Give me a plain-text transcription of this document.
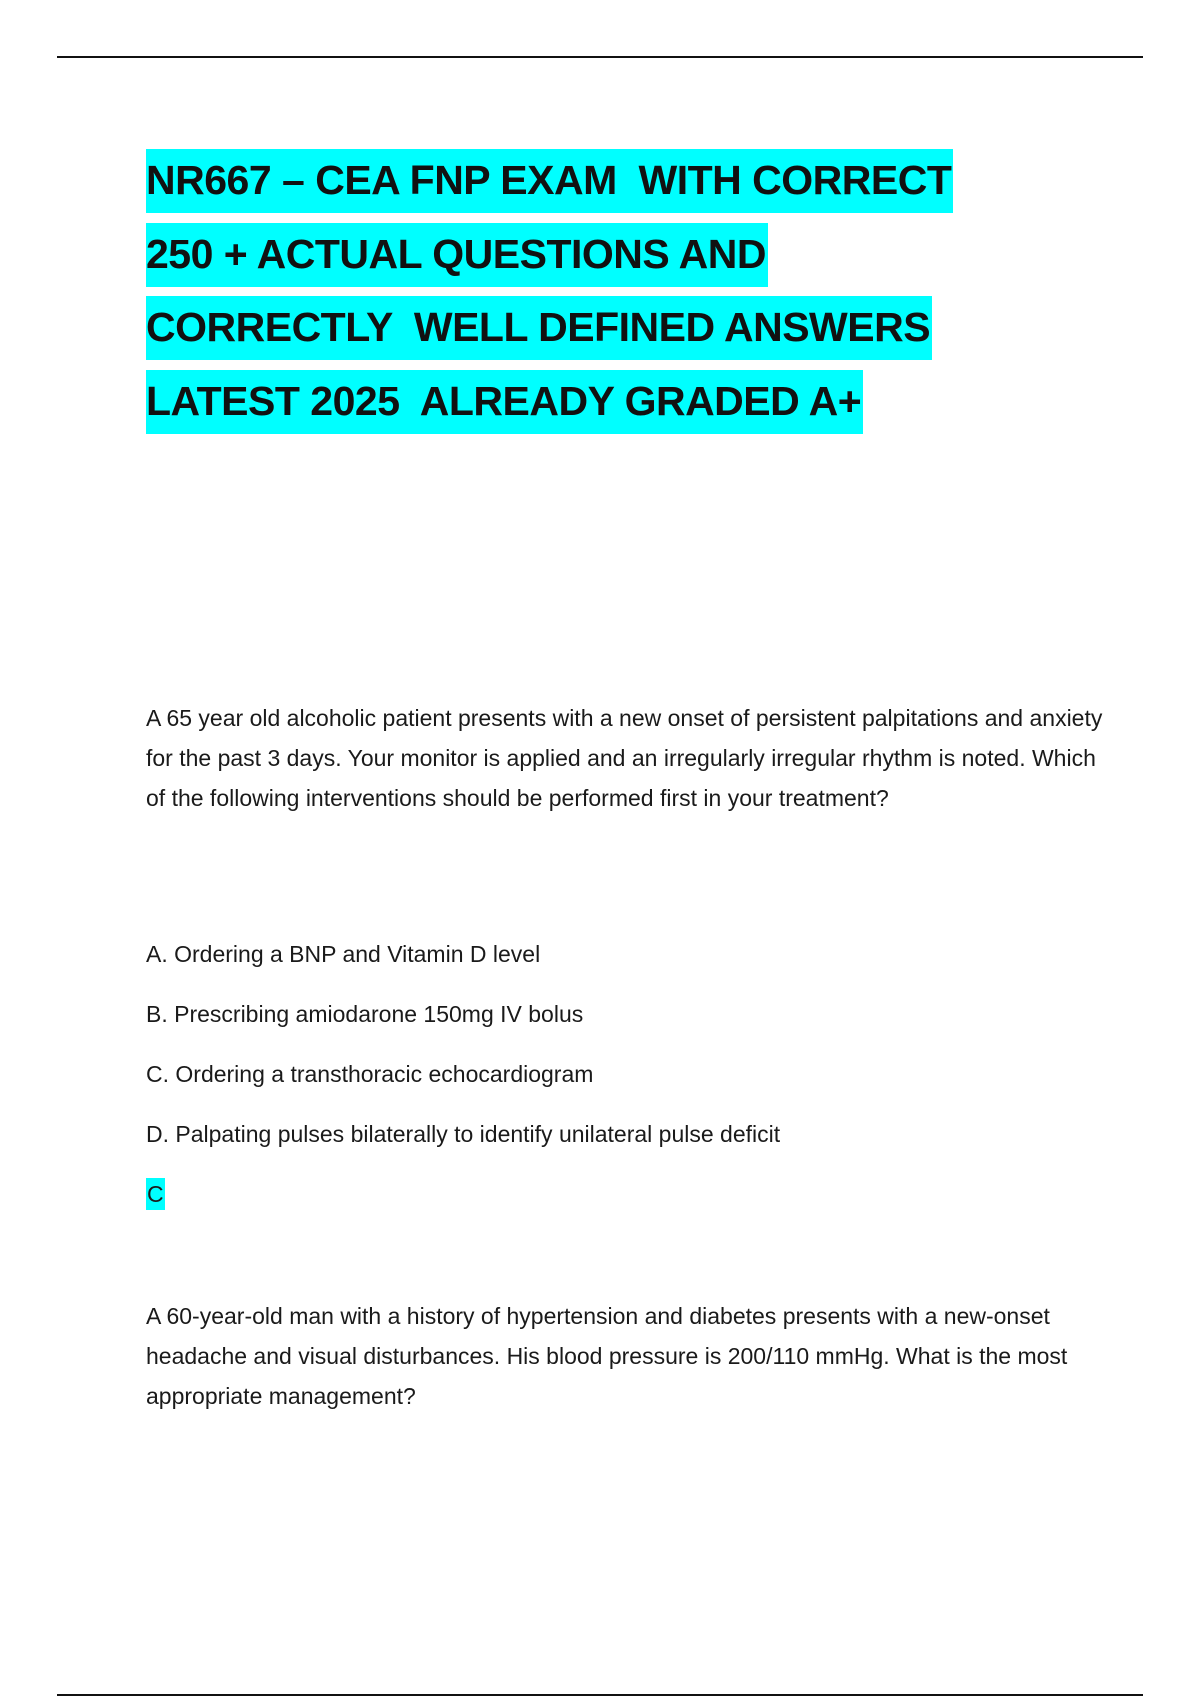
NR667 – CEA FNP EXAM  WITH CORRECT
250 + ACTUAL QUESTIONS AND
CORRECTLY  WELL DEFINED ANSWERS
LATEST 2025  ALREADY GRADED A+

A 65 year old alcoholic patient presents with a new onset of persistent palpitations and anxiety for the past 3 days. Your monitor is applied and an irregularly irregular rhythm is noted. Which of the following interventions should be performed first in your treatment?

A. Ordering a BNP and Vitamin D level
B. Prescribing amiodarone 150mg IV bolus
C. Ordering a transthoracic echocardiogram
D. Palpating pulses bilaterally to identify unilateral pulse deficit
C

A 60-year-old man with a history of hypertension and diabetes presents with a new-onset headache and visual disturbances. His blood pressure is 200/110 mmHg. What is the most appropriate management?
